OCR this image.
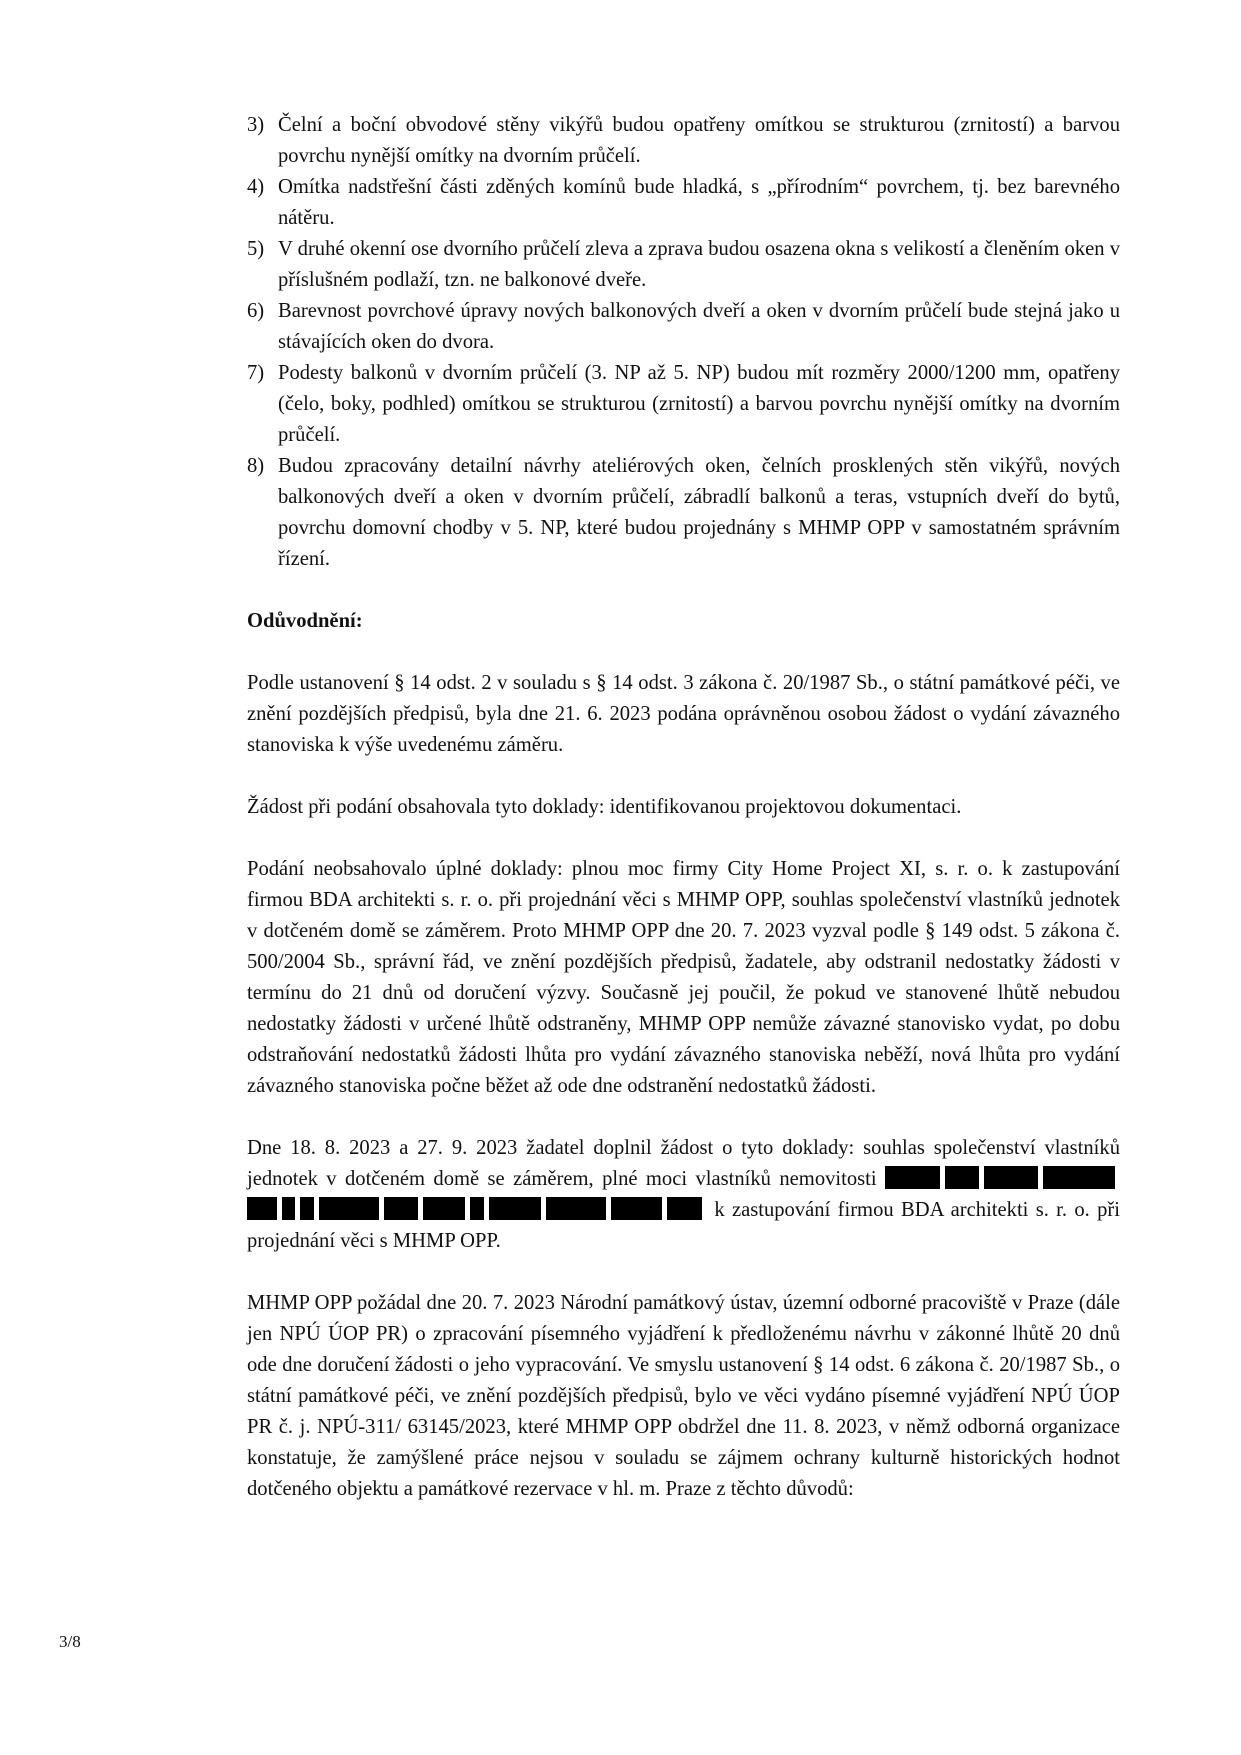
3) Čelní a boční obvodové stěny vikýřů budou opatřeny omítkou se strukturou (zrnitostí) a barvou povrchu nynější omítky na dvorním průčelí.

4) Omítka nadstřešní části zděných komínů bude hladká, s „přírodním“ povrchem, tj. bez barevného nátěru.

5) V druhé okenní ose dvorního průčelí zleva a zprava budou osazena okna s velikostí a členěním oken v příslušném podlaží, tzn. ne balkonové dveře.

6) Barevnost povrchové úpravy nových balkonových dveří a oken v dvorním průčelí bude stejná jako u stávajících oken do dvora.

7) Podesty balkonů v dvorním průčelí (3. NP až 5. NP) budou mít rozměry 2000/1200 mm, opatřeny (čelo, boky, podhled) omítkou se strukturou (zrnitostí) a barvou povrchu nynější omítky na dvorním průčelí.

8) Budou zpracovány detailní návrhy ateliérových oken, čelních prosklených stěn vikýřů, nových balkonových dveří a oken v dvorním průčelí, zábradlí balkonů a teras, vstupních dveří do bytů, povrchu domovní chodby v 5. NP, které budou projednány s MHMP OPP v samostatném správním řízení.

Odůvodnění:

Podle ustanovení § 14 odst. 2 v souladu s § 14 odst. 3 zákona č. 20/1987 Sb., o státní památkové péči, ve znění pozdějších předpisů, byla dne 21. 6. 2023 podána oprávněnou osobou žádost o vydání závazného stanoviska k výše uvedenému záměru.

Žádost při podání obsahovala tyto doklady: identifikovanou projektovou dokumentaci.

Podání neobsahovalo úplné doklady: plnou moc firmy City Home Project XI, s. r. o. k zastupování firmou BDA architekti s. r. o. při projednání věci s MHMP OPP, souhlas společenství vlastníků jednotek v dotčeném domě se záměrem. Proto MHMP OPP dne 20. 7. 2023 vyzval podle § 149 odst. 5 zákona č. 500/2004 Sb., správní řád, ve znění pozdějších předpisů, žadatele, aby odstranil nedostatky žádosti v termínu do 21 dnů od doručení výzvy. Současně jej poučil, že pokud ve stanovené lhůtě nebudou nedostatky žádosti v určené lhůtě odstraněny, MHMP OPP nemůže závazné stanovisko vydat, po dobu odstraňování nedostatků žádosti lhůta pro vydání závazného stanoviska neběží, nová lhůta pro vydání závazného stanoviska počne běžet až ode dne odstranění nedostatků žádosti.

Dne 18. 8. 2023 a 27. 9. 2023 žadatel doplnil žádost o tyto doklady: souhlas společenství vlastníků jednotek v dotčeném domě se záměrem, plné moci vlastníků nemovitosti  k zastupování firmou BDA architekti s. r. o. při projednání věci s MHMP OPP.

MHMP OPP požádal dne 20. 7. 2023 Národní památkový ústav, územní odborné pracoviště v Praze (dále jen NPÚ ÚOP PR) o zpracování písemného vyjádření k předloženému návrhu v zákonné lhůtě 20 dnů ode dne doručení žádosti o jeho vypracování. Ve smyslu ustanovení § 14 odst. 6 zákona č. 20/1987 Sb., o státní památkové péči, ve znění pozdějších předpisů, bylo ve věci vydáno písemné vyjádření NPÚ ÚOP PR č. j. NPÚ-311/ 63145/2023, které MHMP OPP obdržel dne 11. 8. 2023, v němž odborná organizace konstatuje, že zamýšlené práce nejsou v souladu se zájmem ochrany kulturně historických hodnot dotčeného objektu a památkové rezervace v hl. m. Praze z těchto důvodů:

3/8
